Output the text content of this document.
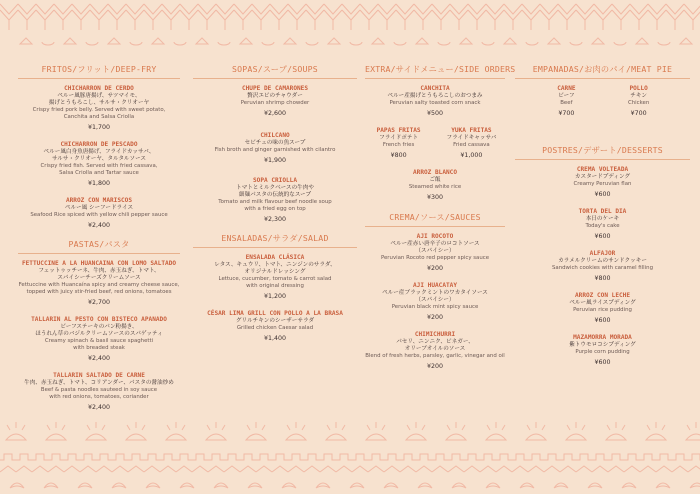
FRITOS/フリット/DEEP-FRY
CHICHARRON DE CERDO
ペルー風豚唐揚げ、サツマイモ、
揚げとうもろこし、サルサ・クリオーヤ
Crispy fried pork belly. Served with sweet potato,
Canchita and Salsa Criolla
¥1,700
CHICHARRON DE PESCADO
ペルー風白身魚唐揚げ、フライドカッサバ、
サルサ・クリオーヤ、タルタルソース
Crispy fried fish. Served with fried cassava,
Salsa Criolla and Tartar sauce
¥1,800
ARROZ CON MARISCOS
ペルー風 シーフードライス
Seafood Rice spiced with yellow chili pepper sauce
¥2,400
PASTAS/パスタ
FETTUCCINE A LA HUANCAINA CON LOMO SALTADO
フェットゥッチーネ、牛肉、赤玉ねぎ、トマト、
スパイシーチーズクリームソース
Fettuccine with Huancaína spicy and creamy cheese sauce,
topped with juicy stir-fried beef, red onions, tomatoes
¥2,700
TALLARIN AL PESTO CON BISTECO APANADO
ビーフステーキのパン粉揚き、
ほうれん草のバジルクリームソースのスパゲッティ
Creamy spinach & basil sauce spaghetti
with breaded steak
¥2,400
TALLARIN SALTADO DE CARNE
牛肉、赤玉ねぎ、トマト、コリアンダー、パスタの醤油炒め
Beef & pasta noodles sauteed in soy sauce
with red onions, tomatoes, coriander
¥2,400
SOPAS/スープ/SOUPS
CHUPE DE CAMARONES
贅沢エビのチャウダー
Peruvian shrimp chowder
¥2,600
CHILCANO
セビチェの味の魚スープ
Fish broth and ginger garnished with cilantro
¥1,900
SOPA CRIOLLA
トマトとミルクベースの牛肉や
細麺パスタの伝統的なスープ
Tomato and milk flavour beef noodle soup
with a fried egg on top
¥2,300
ENSALADAS/サラダ/SALAD
ENSALADA CLÁSICA
レタス、キュウリ、トマト、ニンジンのサラダ、
オリジナルドレッシング
Lettuce, cucumber, tomato & carrot salad
with original dressing
¥1,200
CÉSAR LIMA GRILL CON POLLO A LA BRASA
グリルチキンのシーザーサラダ
Grilled chicken Caesar salad
¥1,400
EXTRA/サイドメニュー/SIDE ORDERS
CANCHITA
ペルー産揚げとうもろこしのおつまみ
Peruvian salty toasted corn snack
¥500
PAPAS FRITAS
フライドポテト
French fries
¥800
YUKA FRITAS
フライドキャッサバ
Fried cassava
¥1,000
ARROZ BLANCO
ご飯
Steamed white rice
¥300
CREMA/ソース/SAUCES
AJI ROCOTO
ペルー産赤い唐辛子のロコトソース
（スパイシー）
Peruvian Rocoto red pepper spicy sauce
¥200
AJI HUACATAY
ペルー産ブラックミントのワカタイソース
（スパイシー）
Peruvian black mint spicy sauce
¥200
CHIMICHURRI
パセリ、ニンニク、ビネガー、
オリーブオイルのソース
Blend of fresh herbs, parsley, garlic, vinegar and oil
¥200
EMPANADAS/お肉のパイ/MEAT PIE
CARNE
ビーフ
Beef
¥700
POLLO
チキン
Chicken
¥700
POSTRES/デザート/DESSERTS
CREMA VOLTEADA
カスタードプディング
Creamy Peruvian flan
¥600
TORTA DEL DIA
本日のケーキ
Today's cake
¥600
ALFAJOR
カラメルクリームのサンドクッキー
Sandwich cookies with caramel filling
¥800
ARROZ CON LECHE
ペルー風ライスプディング
Peruvian rice pudding
¥600
MAZAMORRA MORADA
紫トウモロコシプディング
Purple corn pudding
¥600
